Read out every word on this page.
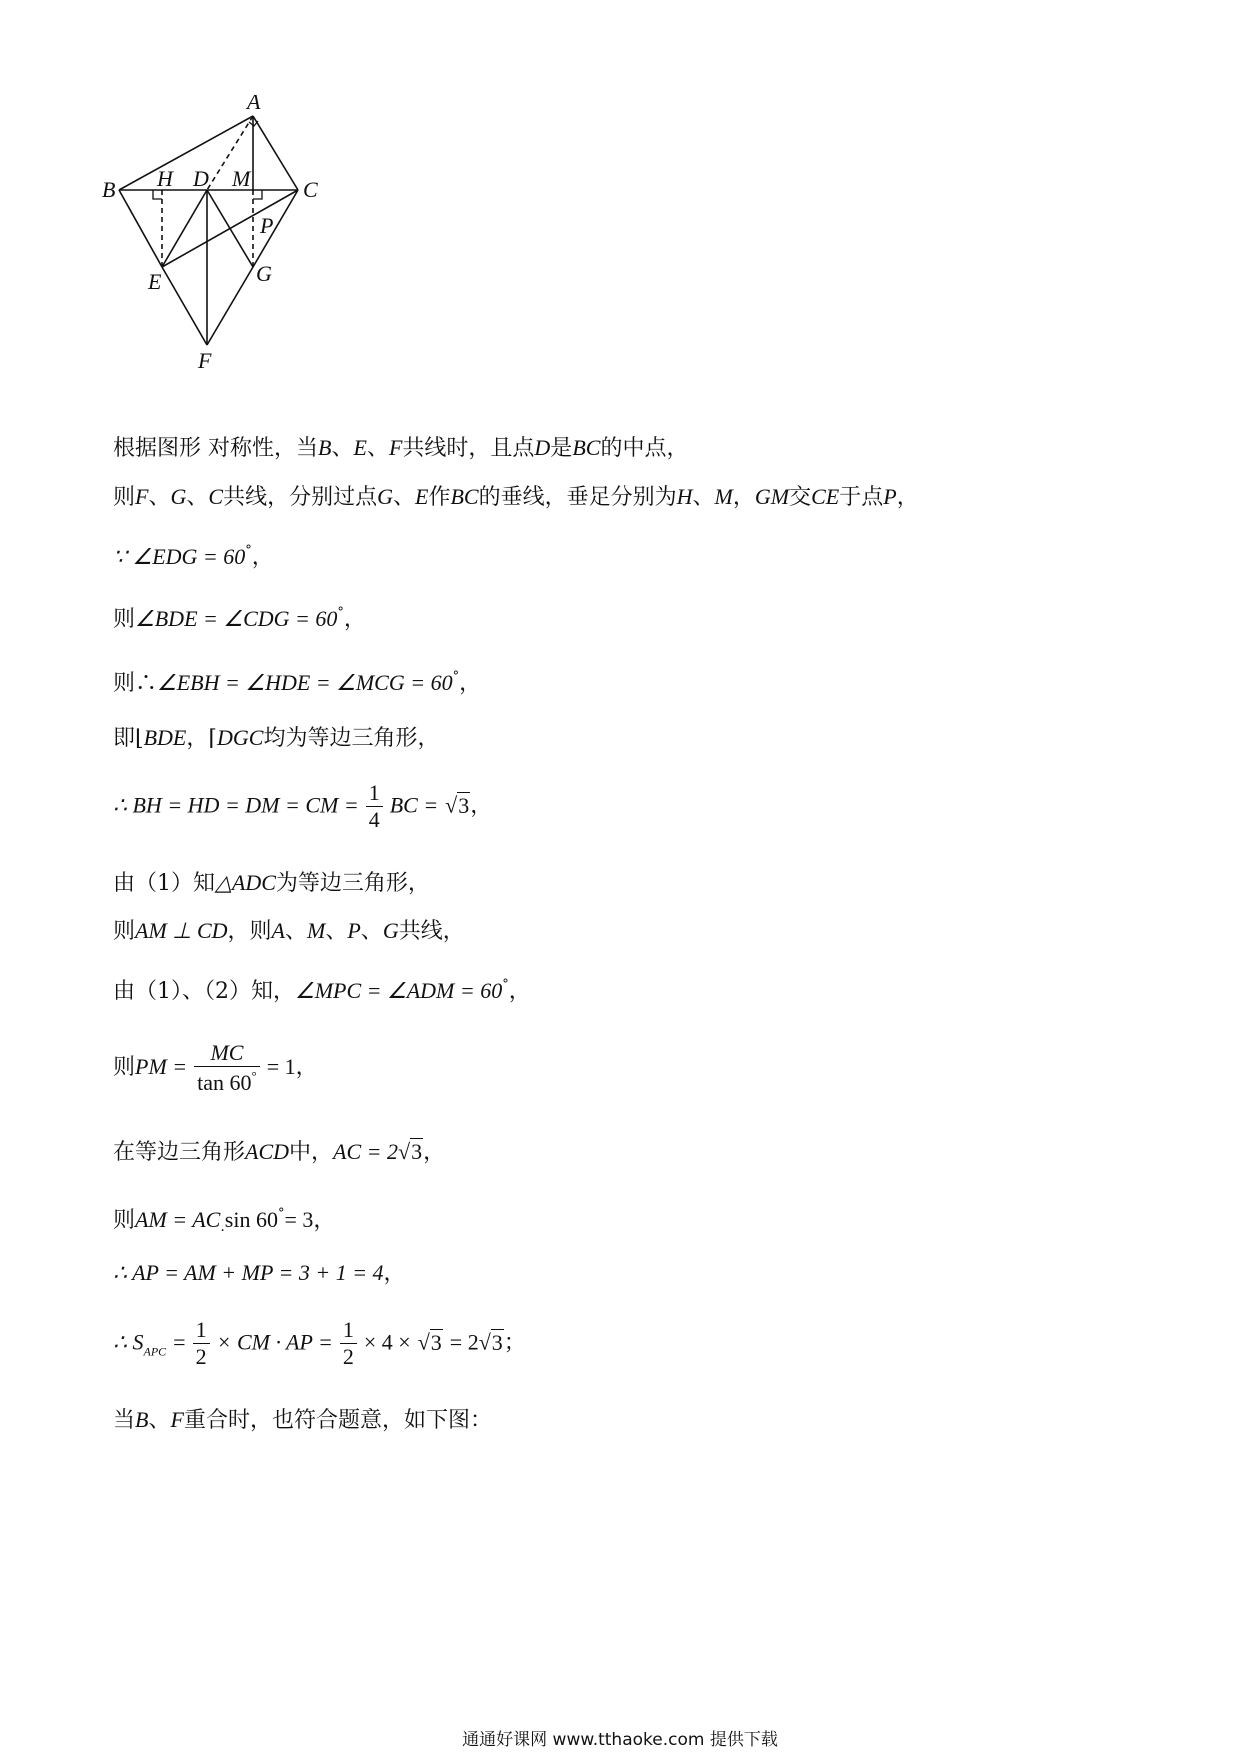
A
B	C
H D M
P
E	G
F
根据图形 对称性，当B、E、F共线时，且点D是BC的中点，
则F、G、C共线，分别过点G、E作BC的垂线，垂足分别为H、M，GM交CE于点P，
∵ ∠EDG = 60°，
则∠BDE = ∠CDG = 60°，
则∴∠EBH = ∠HDE = ∠MCG = 60°，
即⌊BDE，⌈DGC均为等边三角形，
∴ BH = HD = DM = CM = $\frac{1}{4}$ BC = √3，
由（1）知△ADC为等边三角形，
则AM ⊥ CD，则A、M、P、G共线，
由（1）、（2）知，∠MPC = ∠ADM = 60°，
则PM = $\frac{MC}{\tan 60^\circ} = 1$，
在等边三角形ACD中，AC = 2√3，
则AM = AC.sin 60°= 3，
∴ AP = AM + MP = 3 + 1 = 4，
∴ $S_{APC} = \frac{1}{2}$ × CM · AP = $\frac{1}{2} \times 4 \times √3 = 2√3$；
当B、F重合时，也符合题意，如下图：
通通好课网 www.tthaoke.com 提供下载
